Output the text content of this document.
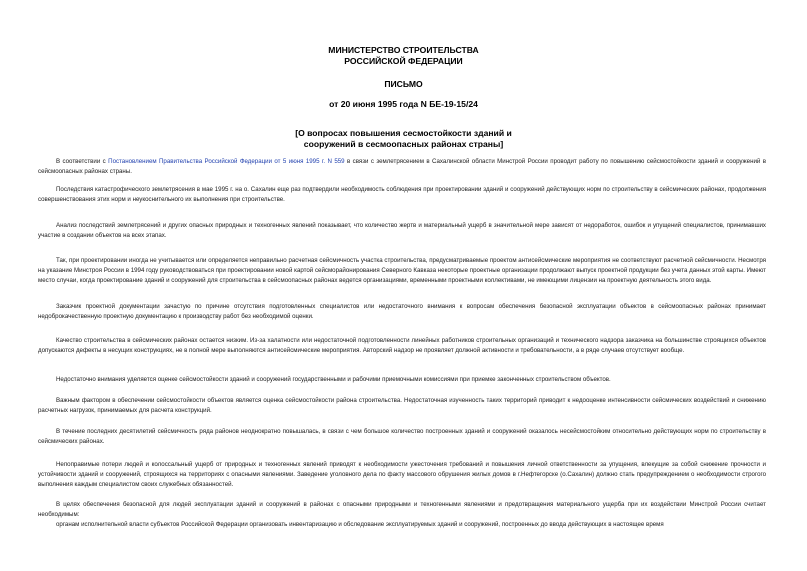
МИНИСТЕРСТВО СТРОИТЕЛЬСТВА
РОССИЙСКОЙ ФЕДЕРАЦИИ
ПИСЬМО
от 20 июня 1995 года N БЕ-19-15/24
[О вопросах повышения сесмостойкости зданий и
сооружений в сесмоопасных районах страны]

В соответствии с Постановлением Правительства Российской Федерации от 5 июня 1995 г. N 559 в связи с землетрясением в Сахалинской области Минстрой России проводит работу по повышению сейсмостойкости зданий и сооружений в сейсмоопасных районах страны.

Последствия катастрофического землетрясения в мае 1995 г. на о. Сахалин еще раз подтвердили необходимость соблюдения при проектировании зданий и сооружений действующих норм по строительству в сейсмических районах, продолжения совершенствования этих норм и неукоснительного их выполнения при строительстве.

Анализ последствий землетрясений и других опасных природных и техногенных явлений показывает, что количество жертв и материальный ущерб в значительной мере зависят от недоработок, ошибок и упущений специалистов, принимавших участие в создании объектов на всех этапах.

Так, при проектировании иногда не учитывается или определяется неправильно расчетная сейсмичность участка строительства, предусматриваемые проектом антисейсмические мероприятия не соответствуют расчетной сейсмичности. Несмотря на указание Минстроя России в 1994 году руководствоваться при проектировании новой картой сейсморайонирования Северного Кавказа некоторые проектные организации продолжают выпуск проектной продукции без учета данных этой карты. Имеют место случаи, когда проектирование зданий и сооружений для строительства в сейсмоопасных районах ведется организациями, временными проектными коллективами, не имеющими лицензии на проектную деятельность этого вида.

Заказчик проектной документации зачастую по причине отсутствия подготовленных специалистов или недостаточного внимания к вопросам обеспечения безопасной эксплуатации объектов в сейсмоопасных районах принимает недоброкачественную проектную документацию к производству работ без необходимой оценки.

Качество строительства в сейсмических районах остается низким. Из-за халатности или недостаточной подготовленности линейных работников строительных организаций и технического надзора заказчика на большинстве строящихся объектов допускаются дефекты в несущих конструкциях, не в полной мере выполняются антисейсмические мероприятия. Авторский надзор не проявляет должной активности и требовательности, а в ряде случаев отсутствует вообще.

Недостаточно внимания уделяется оценке сейсмостойкости зданий и сооружений государственными и рабочими приемочными комиссиями при приемке законченных строительством объектов.

Важным фактором в обеспечении сейсмостойкости объектов является оценка сейсмостойкости района строительства. Недостаточная изученность таких территорий приводит к недооценке интенсивности сейсмических воздействий и снижению расчетных нагрузок, принимаемых для расчета конструкций.

В течение последних десятилетий сейсмичность ряда районов неоднократно повышалась, в связи с чем большое количество построенных зданий и сооружений оказалось несейсмостойким относительно действующих норм по строительству в сейсмических районах.

Непоправимые потери людей и колоссальный ущерб от природных и техногенных явлений приводят к необходимости ужесточения требований и повышения личной ответственности за упущения, влекущие за собой снижение прочности и устойчивости зданий и сооружений, строящихся на территориях с опасными явлениями. Заведение уголовного дела по факту массового обрушения жилых домов в г.Нефтегорске (о.Сахалин) должно стать предупреждением о необходимости строгого выполнения каждым специалистом своих служебных обязанностей.

В целях обеспечения безопасной для людей эксплуатации зданий и сооружений в районах с опасными природными и техногенными явлениями и предотвращения материального ущерба при их воздействии Минстрой России считает необходимым:

органам исполнительной власти субъектов Российской Федерации организовать инвентаризацию и обследование эксплуатируемых зданий и сооружений, построенных до ввода действующих в настоящее время
